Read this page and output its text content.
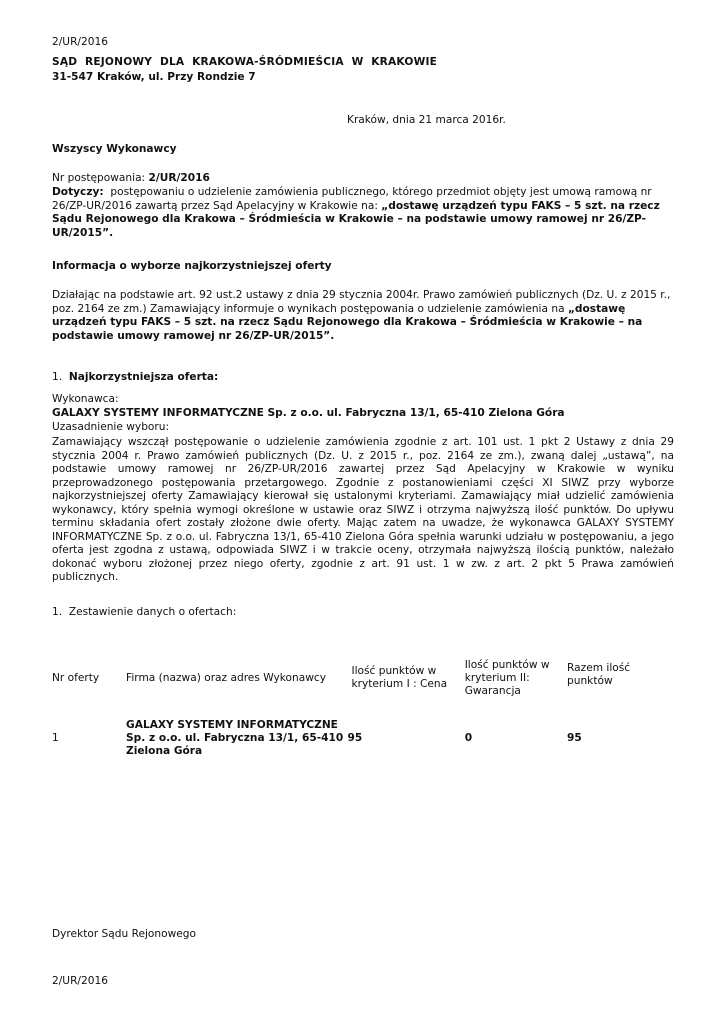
2/UR/2016
SĄD  REJONOWY  DLA  KRAKOWA-ŚRÓDMIEŚCIA  W  KRAKOWIE
31-547 Kraków, ul. Przy Rondzie 7
Kraków, dnia 21 marca 2016r.
Wszyscy Wykonawcy
Nr postępowania: 2/UR/2016
Dotyczy:  postępowaniu o udzielenie zamówienia publicznego, którego przedmiot objęty jest umową ramową nr 26/ZP-UR/2016 zawartą przez Sąd Apelacyjny w Krakowie na: „dostawę urządzeń typu FAKS – 5 szt. na rzecz Sądu Rejonowego dla Krakowa – Śródmieścia w Krakowie – na podstawie umowy ramowej nr 26/ZP-UR/2015”.
Informacja o wyborze najkorzystniejszej oferty
Działając na podstawie art. 92 ust.2 ustawy z dnia 29 stycznia 2004r. Prawo zamówień publicznych (Dz. U. z 2015 r., poz. 2164 ze zm.) Zamawiający informuje o wynikach postępowania o udzielenie zamówienia na „dostawę urządzeń typu FAKS – 5 szt. na rzecz Sądu Rejonowego dla Krakowa – Śródmieścia w Krakowie – na podstawie umowy ramowej nr 26/ZP-UR/2015”.
1. Najkorzystniejsza oferta:
Wykonawca:
GALAXY SYSTEMY INFORMATYCZNE Sp. z o.o. ul. Fabryczna 13/1, 65-410 Zielona Góra
Uzasadnienie wyboru:
Zamawiający wszczął postępowanie o udzielenie zamówienia zgodnie z art. 101 ust. 1 pkt 2 Ustawy z dnia 29 stycznia 2004 r. Prawo zamówień publicznych (Dz. U. z 2015 r., poz. 2164 ze zm.), zwaną dalej „ustawą”, na podstawie umowy ramowej nr 26/ZP-UR/2016 zawartej przez Sąd Apelacyjny w Krakowie w wyniku przeprowadzonego postępowania przetargowego. Zgodnie z postanowieniami części XI SIWZ przy wyborze najkorzystniejszej oferty Zamawiający kierował się ustalonymi kryteriami. Zamawiający miał udzielić zamówienia wykonawcy, który spełnia wymogi określone w ustawie oraz SIWZ i otrzyma najwyższą ilość punktów. Do upływu terminu składania ofert zostały złożone dwie oferty. Mając zatem na uwadze, że wykonawca GALAXY SYSTEMY INFORMATYCZNE Sp. z o.o. ul. Fabryczna 13/1, 65-410 Zielona Góra spełnia warunki udziału w postępowaniu, a jego oferta jest zgodna z ustawą, odpowiada SIWZ i w trakcie oceny, otrzymała najwyższą ilością punktów, należało dokonać wyboru złożonej przez niego oferty, zgodnie z art. 91 ust. 1 w zw. z art. 2 pkt 5 Prawa zamówień publicznych.
1. Zestawienie danych o ofertach:
Nr oferty	Firma (nazwa) oraz adres Wykonawcy	Ilość punktów w kryterium I : Cena	Ilość punktów w kryterium II: Gwarancja	Razem ilość punktów

1	GALAXY SYSTEMY INFORMATYCZNE Sp. z o.o. ul. Fabryczna 13/1, 65-410 Zielona Góra	95	0	95
Dyrektor Sądu Rejonowego
2/UR/2016
